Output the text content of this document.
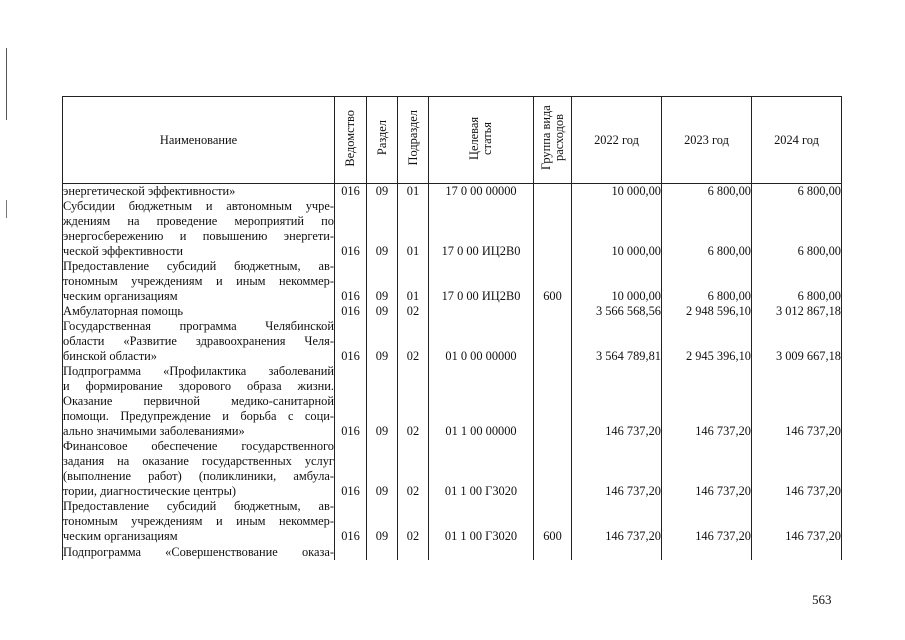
Наименование	Ведомство	Раздел	Подраздел	Целевая статья	Группа вида расходов	2022 год	2023 год	2024 год

энергетической эффективности»	016	09	01	17 0 00 00000		10 000,00	6 800,00	6 800,00

Субсидии бюджетным и автономным учре-
ждениям на проведение мероприятий по
энергосбережению и повышению энергети-
ческой эффективности	016	09	01	17 0 00 ИЦ2В0		10 000,00	6 800,00	6 800,00

Предоставление субсидий бюджетным, ав-
тономным учреждениям и иным некоммер-
ческим организациям	016	09	01	17 0 00 ИЦ2В0	600	10 000,00	6 800,00	6 800,00

Амбулаторная помощь	016	09	02			3 566 568,56	2 948 596,10	3 012 867,18

Государственная программа Челябинской
области «Развитие здравоохранения Челя-
бинской области»	016	09	02	01 0 00 00000		3 564 789,81	2 945 396,10	3 009 667,18

Подпрограмма «Профилактика заболеваний
и формирование здорового образа жизни.
Оказание первичной медико-санитарной
помощи. Предупреждение и борьба с соци-
ально значимыми заболеваниями»	016	09	02	01 1 00 00000		146 737,20	146 737,20	146 737,20

Финансовое обеспечение государственного
задания на оказание государственных услуг
(выполнение работ) (поликлиники, амбула-
тории, диагностические центры)	016	09	02	01 1 00 Г3020		146 737,20	146 737,20	146 737,20

Предоставление субсидий бюджетным, ав-
тономным учреждениям и иным некоммер-
ческим организациям	016	09	02	01 1 00 Г3020	600	146 737,20	146 737,20	146 737,20

Подпрограмма «Совершенствование оказа-								

563
